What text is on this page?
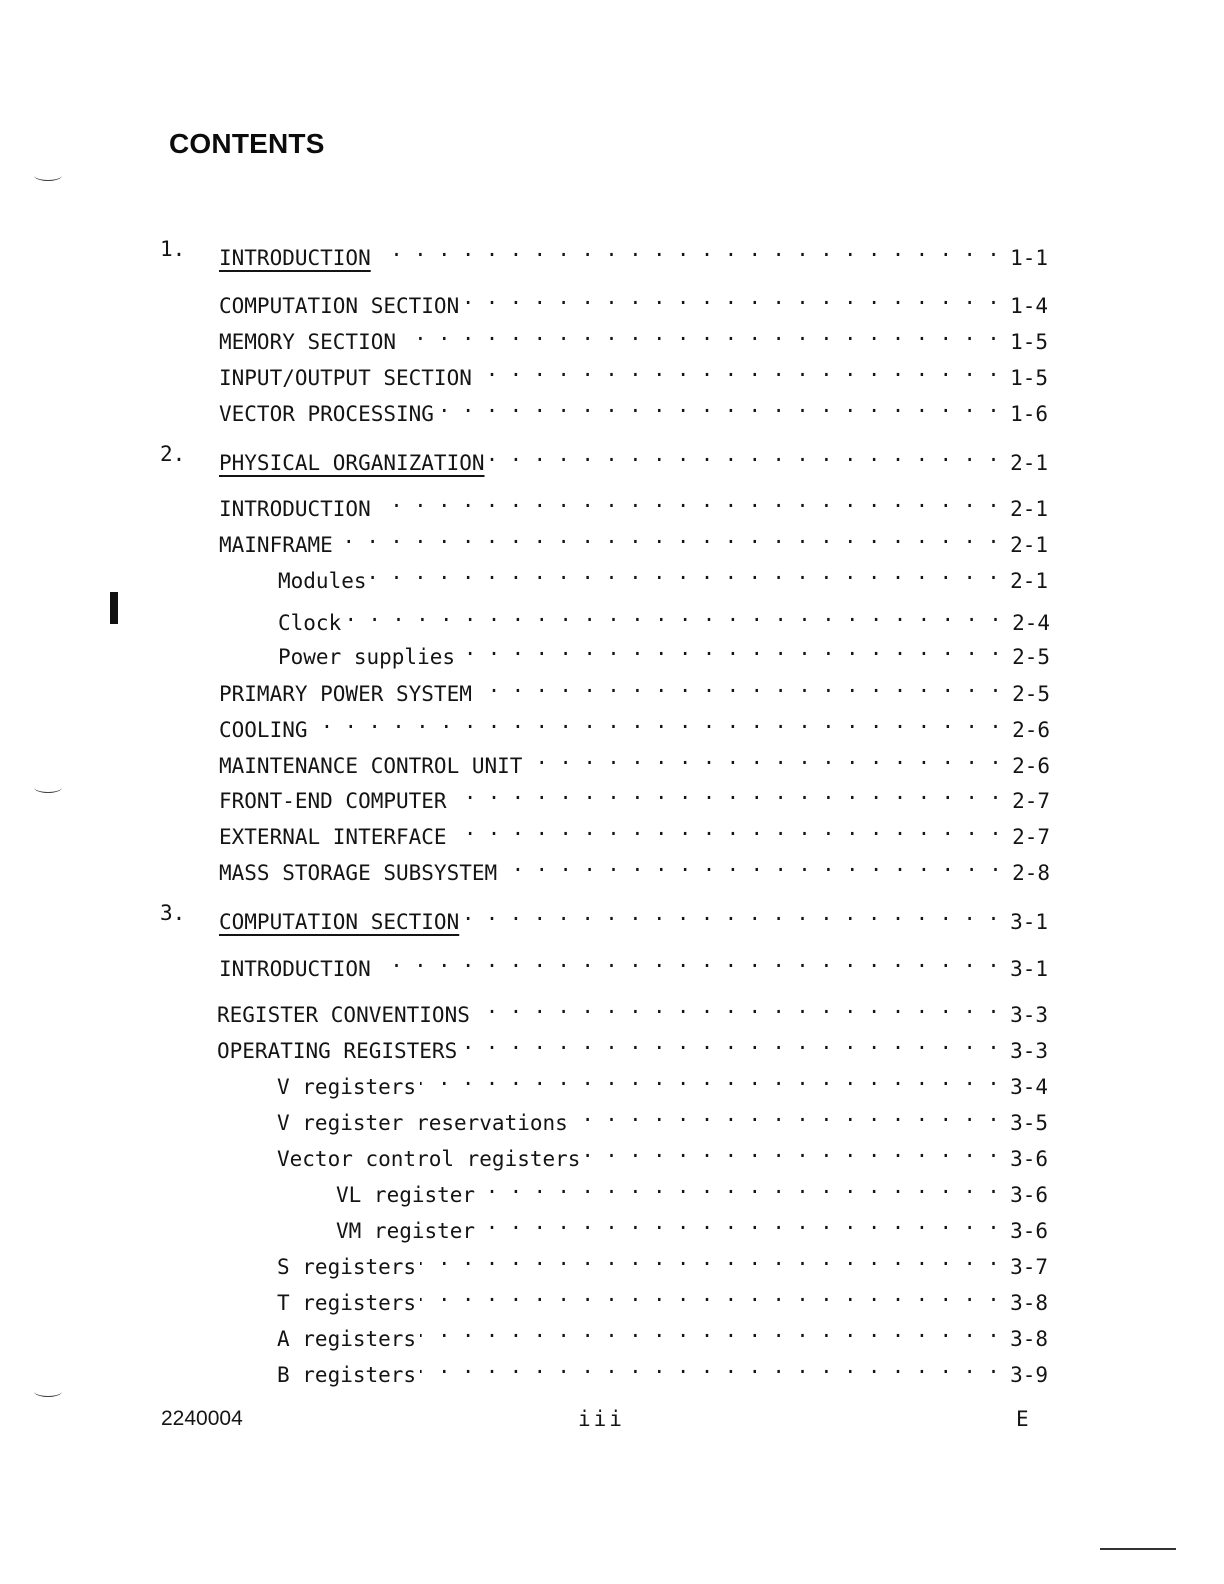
CONTENTS
1. INTRODUCTION . . .	1-1
COMPUTATION SECTION . . .	1-4
MEMORY SECTION . . .	1-5
INPUT/OUTPUT SECTION . . .	1-5
VECTOR PROCESSING . . .	1-6
2. PHYSICAL ORGANIZATION . . .	2-1
INTRODUCTION . . .	2-1
MAINFRAME . . .	2-1
Modules . . .	2-1
Clock . . .	2-4
Power supplies . . .	2-5
PRIMARY POWER SYSTEM . . .	2-5
COOLING . . .	2-6
MAINTENANCE CONTROL UNIT . . .	2-6
FRONT-END COMPUTER . . .	2-7
EXTERNAL INTERFACE . . .	2-7
MASS STORAGE SUBSYSTEM . . .	2-8
3. COMPUTATION SECTION . . .	3-1
INTRODUCTION . . .	3-1
REGISTER CONVENTIONS . . .	3-3
OPERATING REGISTERS . . .	3-3
V registers . . .	3-4
V register reservations . . .	3-5
Vector control registers . . .	3-6
VL register . . .	3-6
VM register . . .	3-6
S registers . . .	3-7
T registers . . .	3-8
A registers . . .	3-8
B registers . . .	3-9
2240004	iii	E
